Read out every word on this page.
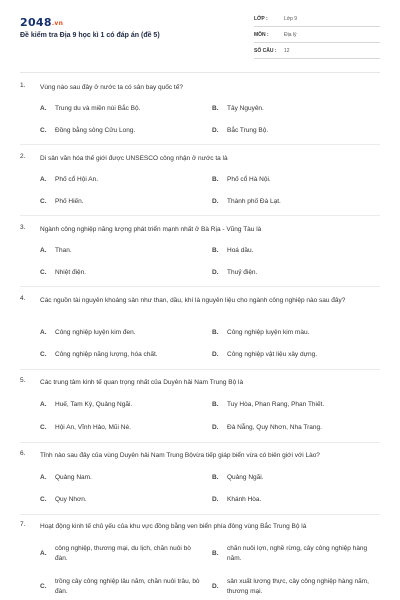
2048.vn
Đề kiểm tra Địa 9 học kì 1 có đáp án (đề 5)
LỚP :	Lớp 9
MÔN :	Địa lý
SỐ CÂU : 12
1. Vùng nào sau đây ở nước ta có sân bay quốc tế?
A. Trung du và miền núi Bắc Bộ.	B. Tây Nguyên.
C. Đồng bằng sông Cửu Long.	D. Bắc Trung Bộ.
2. Di sản văn hóa thế giới được UNSESCO công nhận ở nước ta là
A. Phố cổ Hội An.	B. Phố cổ Hà Nội.
C. Phố Hiến.	D. Thành phố Đà Lạt.
3. Ngành công nghiệp năng lượng phát triển mạnh nhất ở Bà Rịa - Vũng Tàu là
A. Than.	B. Hoá dầu.
C. Nhiệt điện.	D. Thuỷ điện.
4. Các nguồn tài nguyên khoáng sản như than, dầu, khí là nguyên liệu cho ngành công nghiệp nào sau đây?
A. Công nghiệp luyện kim đen.	B. Công nghiệp luyện kim màu.
C. Công nghiệp năng lượng, hóa chất.	D. Công nghiệp vật liệu xây dựng.
5. Các trung tâm kinh tế quan trọng nhất của Duyên hải Nam Trung Bộ là
A. Huế, Tam Kỳ, Quảng Ngãi.	B. Tuy Hòa, Phan Rang, Phan Thiết.
C. Hội An, Vĩnh Hảo, Mũi Né.	D. Đà Nẵng, Quy Nhơn, Nha Trang.
6. Tỉnh nào sau đây của vùng Duyên hải Nam Trung Bộvừa tiếp giáp biển vừa có biên giới với Lào?
A. Quảng Nam.	B. Quảng Ngãi.
C. Quy Nhơn.	D. Khánh Hòa.
7. Hoạt động kinh tế chủ yếu của khu vực đồng bằng ven biển phía đông vùng Bắc Trung Bộ là
A.
công nghiệp, thương mại, du lịch, chăn nuôi bò đàn.
B.
chăn nuôi lợn, nghề rừng, cây công nghiệp hàng năm.
C.
trồng cây công nghiệp lâu năm, chăn nuôi trâu, bò đàn.
D.
sản xuất lương thực, cây công nghiệp hàng năm, thương mại.
